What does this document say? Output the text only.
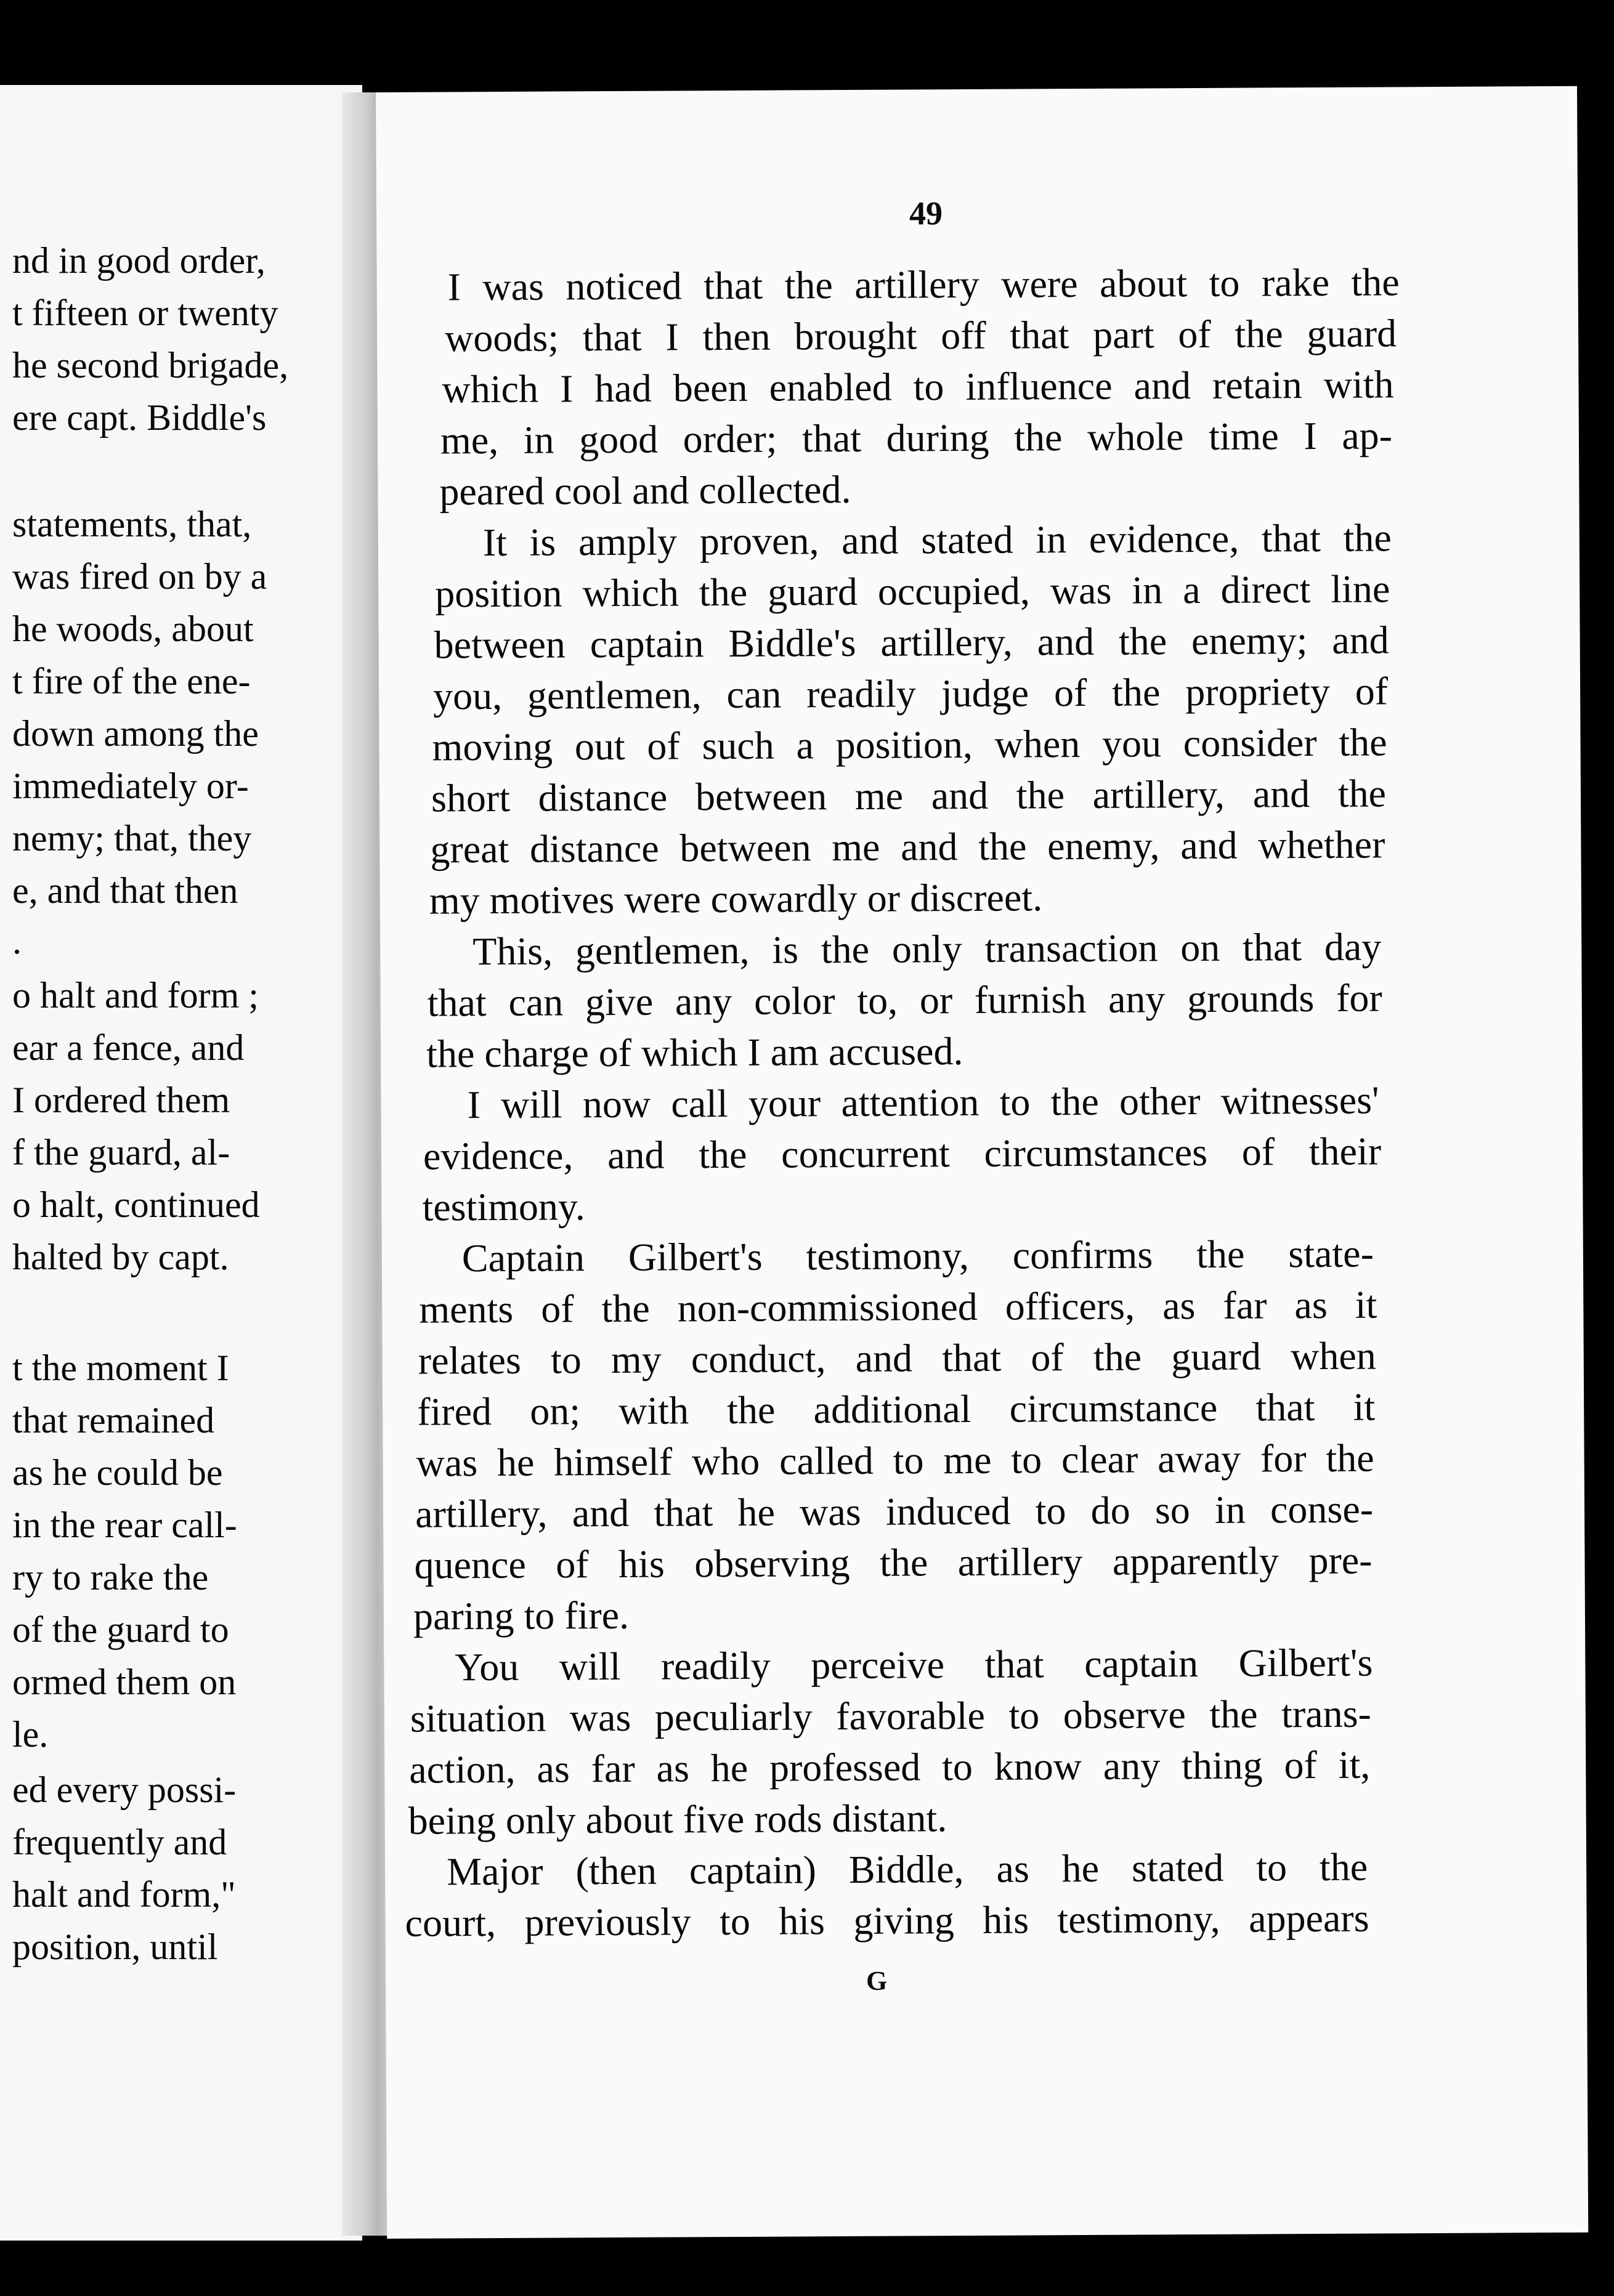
nd in good order,
t fifteen or twenty
he second brigade,
ere capt. Biddle's
statements, that,
was fired on by a
he woods, about
t fire of the ene-
down among the
immediately or-
nemy; that, they
e, and that then
.
o halt and form ;
ear a fence, and
I ordered them
f the guard, al-
o halt, continued
halted by capt.
t the moment I
that remained
as he could be
in the rear call-
ry to rake the
of the guard to
ormed them on
le.
ed every possi-
frequently and
halt and form,"
position, until
49
I was noticed that the artillery were about to rake the
woods; that I then brought off that part of the guard
which I had been enabled to influence and retain with
me, in good order; that during the whole time I ap-
peared cool and collected.
It is amply proven, and stated in evidence, that the
position which the guard occupied, was in a direct line
between captain Biddle's artillery, and the enemy; and
you, gentlemen, can readily judge of the propriety of
moving out of such a position, when you consider the
short distance between me and the artillery, and the
great distance between me and the enemy, and whether
my motives were cowardly or discreet.
This, gentlemen, is the only transaction on that day
that can give any color to, or furnish any grounds for
the charge of which I am accused.
I will now call your attention to the other witnesses'
evidence, and the concurrent circumstances of their
testimony.
Captain Gilbert's testimony, confirms the state-
ments of the non-commissioned officers, as far as it
relates to my conduct, and that of the guard when
fired on; with the additional circumstance that it
was he himself who called to me to clear away for the
artillery, and that he was induced to do so in conse-
quence of his observing the artillery apparently pre-
paring to fire.
You will readily perceive that captain Gilbert's
situation was peculiarly favorable to observe the trans-
action, as far as he professed to know any thing of it,
being only about five rods distant.
Major (then captain) Biddle, as he stated to the
court, previously to his giving his testimony, appears
G
